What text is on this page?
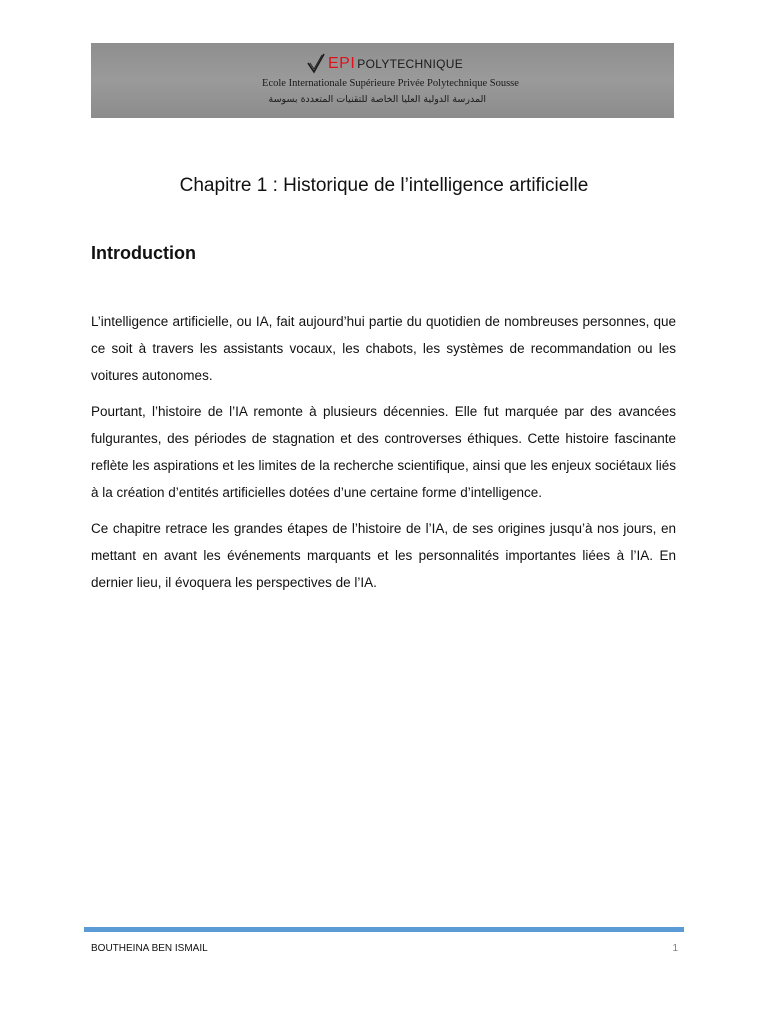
EPI POLYTECHNIQUE
Ecole Internationale Supérieure Privée Polytechnique Sousse
المدرسة الدولية العليا الخاصة للتقنيات المتعددة بسوسة
Chapitre 1 : Historique de l’intelligence artificielle
Introduction

L’intelligence artificielle, ou IA, fait aujourd’hui partie du quotidien de nombreuses personnes, que ce soit à travers les assistants vocaux, les chabots, les systèmes de recommandation ou les voitures autonomes.

Pourtant, l’histoire de l’IA remonte à plusieurs décennies. Elle fut marquée par des avancées fulgurantes, des périodes de stagnation et des controverses éthiques. Cette histoire fascinante reflète les aspirations et les limites de la recherche scientifique, ainsi que les enjeux sociétaux liés à la création d’entités artificielles dotées d’une certaine forme d’intelligence.

Ce chapitre retrace les grandes étapes de l’histoire de l’IA, de ses origines jusqu’à nos jours, en mettant en avant les événements marquants et les personnalités importantes liées à l’IA. En dernier lieu, il évoquera les perspectives de l’IA.

BOUTHEINA BEN ISMAIL	1
